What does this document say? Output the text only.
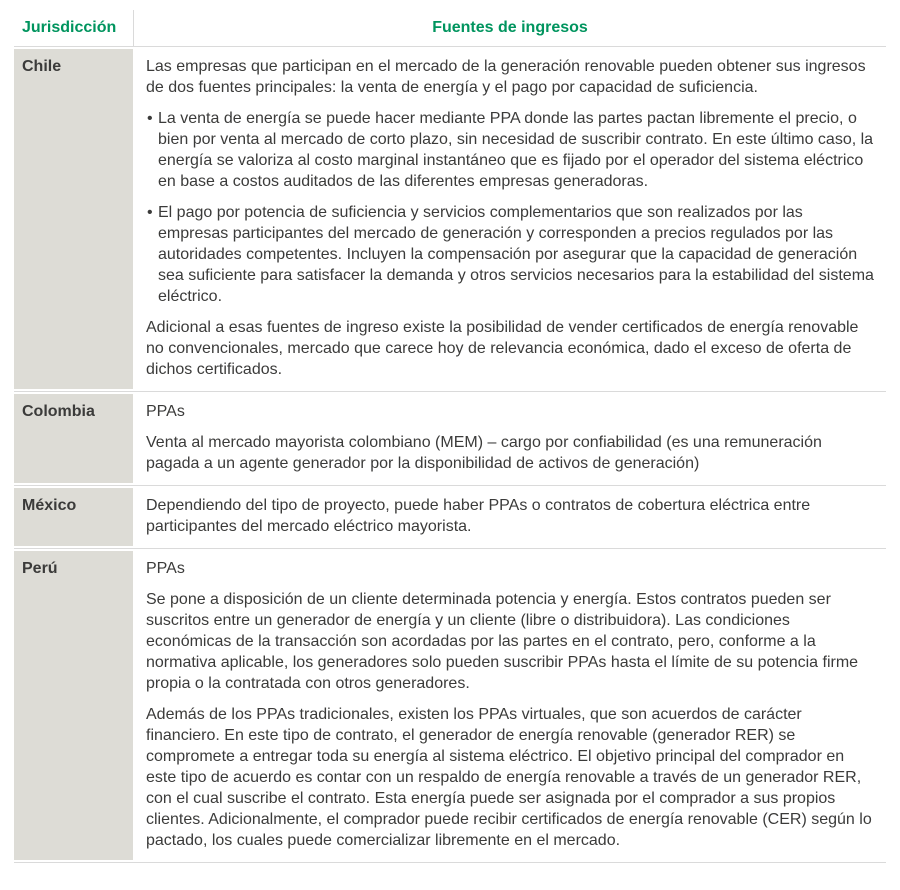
Jurisdicción	Fuentes de ingresos
Chile	Las empresas que participan en el mercado de la generación renovable pueden obtener sus ingresos de dos fuentes principales: la venta de energía y el pago por capacidad de suficiencia.
• La venta de energía se puede hacer mediante PPA donde las partes pactan libremente el precio, o bien por venta al mercado de corto plazo, sin necesidad de suscribir contrato. En este último caso, la energía se valoriza al costo marginal instantáneo que es fijado por el operador del sistema eléctrico en base a costos auditados de las diferentes empresas generadoras.
• El pago por potencia de suficiencia y servicios complementarios que son realizados por las empresas participantes del mercado de generación y corresponden a precios regulados por las autoridades competentes. Incluyen la compensación por asegurar que la capacidad de generación sea suficiente para satisfacer la demanda y otros servicios necesarios para la estabilidad del sistema eléctrico.
Adicional a esas fuentes de ingreso existe la posibilidad de vender certificados de energía renovable no convencionales, mercado que carece hoy de relevancia económica, dado el exceso de oferta de dichos certificados.
Colombia	PPAs
Venta al mercado mayorista colombiano (MEM) – cargo por confiabilidad (es una remuneración pagada a un agente generador por la disponibilidad de activos de generación)
México	Dependiendo del tipo de proyecto, puede haber PPAs o contratos de cobertura eléctrica entre participantes del mercado eléctrico mayorista.
Perú	PPAs
Se pone a disposición de un cliente determinada potencia y energía. Estos contratos pueden ser suscritos entre un generador de energía y un cliente (libre o distribuidora). Las condiciones económicas de la transacción son acordadas por las partes en el contrato, pero, conforme a la normativa aplicable, los generadores solo pueden suscribir PPAs hasta el límite de su potencia firme propia o la contratada con otros generadores.
Además de los PPAs tradicionales, existen los PPAs virtuales, que son acuerdos de carácter financiero. En este tipo de contrato, el generador de energía renovable (generador RER) se compromete a entregar toda su energía al sistema eléctrico. El objetivo principal del comprador en este tipo de acuerdo es contar con un respaldo de energía renovable a través de un generador RER, con el cual suscribe el contrato. Esta energía puede ser asignada por el comprador a sus propios clientes. Adicionalmente, el comprador puede recibir certificados de energía renovable (CER) según lo pactado, los cuales puede comercializar libremente en el mercado.
